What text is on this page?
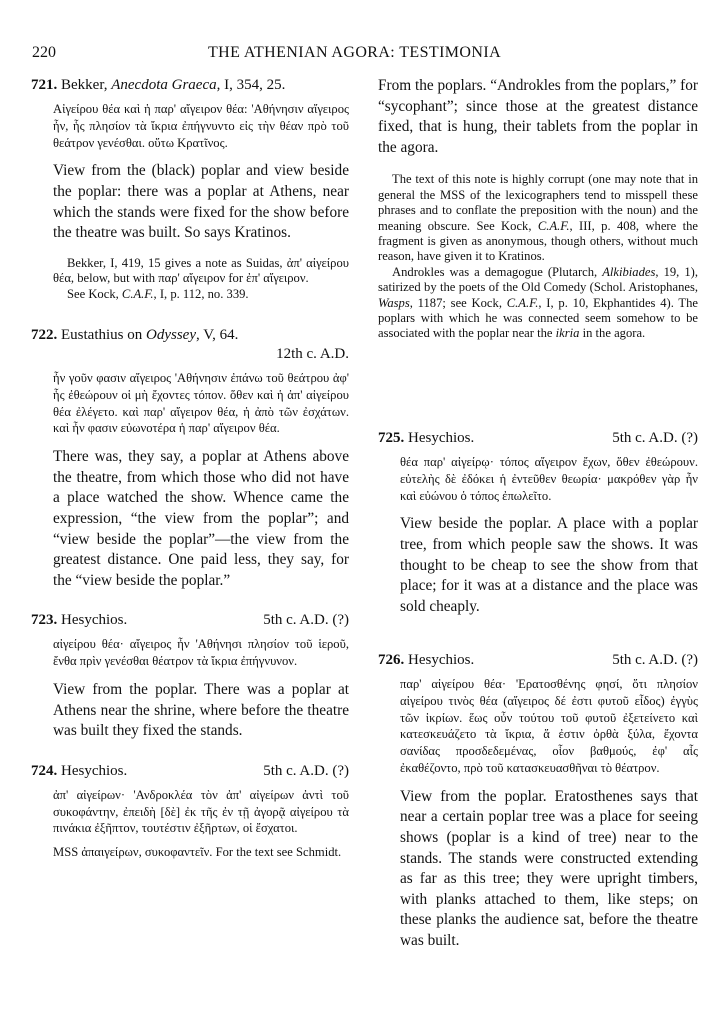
220	THE ATHENIAN AGORA: TESTIMONIA
721. Bekker, Anecdota Graeca, I, 354, 25.
Αἰγείρου θέα καὶ ἡ παρ' αἴγειρον θέα: 'Αθήνησιν αἴγειρος ἦν, ἧς πλησίον τὰ ἴκρια ἐπήγνυντο εἰς τὴν θέαν πρὸ τοῦ θεάτρον γενέσθαι. οὕτω Κρατῖνος.
View from the (black) poplar and view beside the poplar: there was a poplar at Athens, near which the stands were fixed for the show before the theatre was built. So says Kratinos.

Bekker, I, 419, 15 gives a note as Suidas, ἀπ' αἰγείρου θέα, below, but with παρ' αἴγειρον for ἐπ' αἴγειρον.

See Kock, C.A.F., I, p. 112, no. 339.

722. Eustathius on Odyssey, V, 64.
12th c. A.D.
ἦν γοῦν φασιν αἴγειρος 'Αθήνησιν ἐπάνω τοῦ θεάτρου ἀφ' ἧς ἐθεώρουν οἱ μὴ ἔχοντες τόπον. ὅθεν καὶ ἡ ἀπ' αἰγείρου θέα ἐλέγετο. καὶ παρ' αἴγειρον θέα, ἡ ἀπὸ τῶν ἐσχάτων. καὶ ἦν φασιν εὐωνοτέρα ἡ παρ' αἴγειρον θέα.
There was, they say, a poplar at Athens above the theatre, from which those who did not have a place watched the show. Whence came the expression, “the view from the poplar”; and “view beside the poplar”—the view from the greatest distance. One paid less, they say, for the “view beside the poplar.”
723. Hesychios.	5th c. A.D. (?)
αἰγείρου θέα· αἴγειρος ἦν 'Αθήνησι πλησίον τοῦ ἱεροῦ, ἔνθα πρὶν γενέσθαι θέατρον τὰ ἴκρια ἐπήγνυνον.
View from the poplar. There was a poplar at Athens near the shrine, where before the theatre was built they fixed the stands.
724. Hesychios.	5th c. A.D. (?)
ἀπ' αἰγείρων· 'Ανδροκλέα τὸν ἀπ' αἰγείρων ἀντὶ τοῦ συκοφάντην, ἐπειδὴ [δὲ] ἐκ τῆς ἐν τῇ ἀγορᾷ αἰγείρου τὰ πινάκια ἐξῆπτον, τουτέστιν ἐξῆρτων, οἱ ἔσχατοι.

MSS ἀπαιγείρων, συκοφαντεῖν. For the text see Schmidt.

From the poplars. “Androkles from the poplars,” for “sycophant”; since those at the greatest distance fixed, that is hung, their tablets from the poplar in the agora.

The text of this note is highly corrupt (one may note that in general the MSS of the lexicographers tend to misspell these phrases and to conflate the preposition with the noun) and the meaning obscure. See Kock, C.A.F., III, p. 408, where the fragment is given as anonymous, though others, without much reason, have given it to Kratinos.

Androkles was a demagogue (Plutarch, Alkibiades, 19, 1), satirized by the poets of the Old Comedy (Schol. Aristophanes, Wasps, 1187; see Kock, C.A.F., I, p. 10, Ekphantides 4). The poplars with which he was connected seem somehow to be associated with the poplar near the ikria in the agora.

725. Hesychios.	5th c. A.D. (?)
θέα παρ' αἰγείρῳ· τόπος αἴγειρον ἔχων, ὅθεν ἐθεώρουν. εὐτελὴς δὲ ἐδόκει ἡ ἐντεῦθεν θεωρία· μακρόθεν γὰρ ἦν καὶ εὐώνου ὁ τόπος ἐπωλεῖτο.
View beside the poplar. A place with a poplar tree, from which people saw the shows. It was thought to be cheap to see the show from that place; for it was at a distance and the place was sold cheaply.
726. Hesychios.	5th c. A.D. (?)
παρ' αἰγείρου θέα· 'Ερατοσθένης φησί, ὅτι πλησίον αἰγείρου τινὸς θέα (αἴγειρος δέ ἐστι φυτοῦ εἶδος) ἐγγὺς τῶν ἰκρίων. ἕως οὖν τούτου τοῦ φυτοῦ ἐξετείνετο καὶ κατεσκευάζετο τὰ ἴκρια, ἅ ἐστιν ὀρθὰ ξύλα, ἔχοντα σανίδας προσδεδεμένας, οἷον βαθμούς, ἐφ' αἷς ἐκαθέζοντο, πρὸ τοῦ κατασκευασθῆναι τὸ θέατρον.
View from the poplar. Eratosthenes says that near a certain poplar tree was a place for seeing shows (poplar is a kind of tree) near to the stands. The stands were constructed extending as far as this tree; they were upright timbers, with planks attached to them, like steps; on these planks the audience sat, before the theatre was built.
